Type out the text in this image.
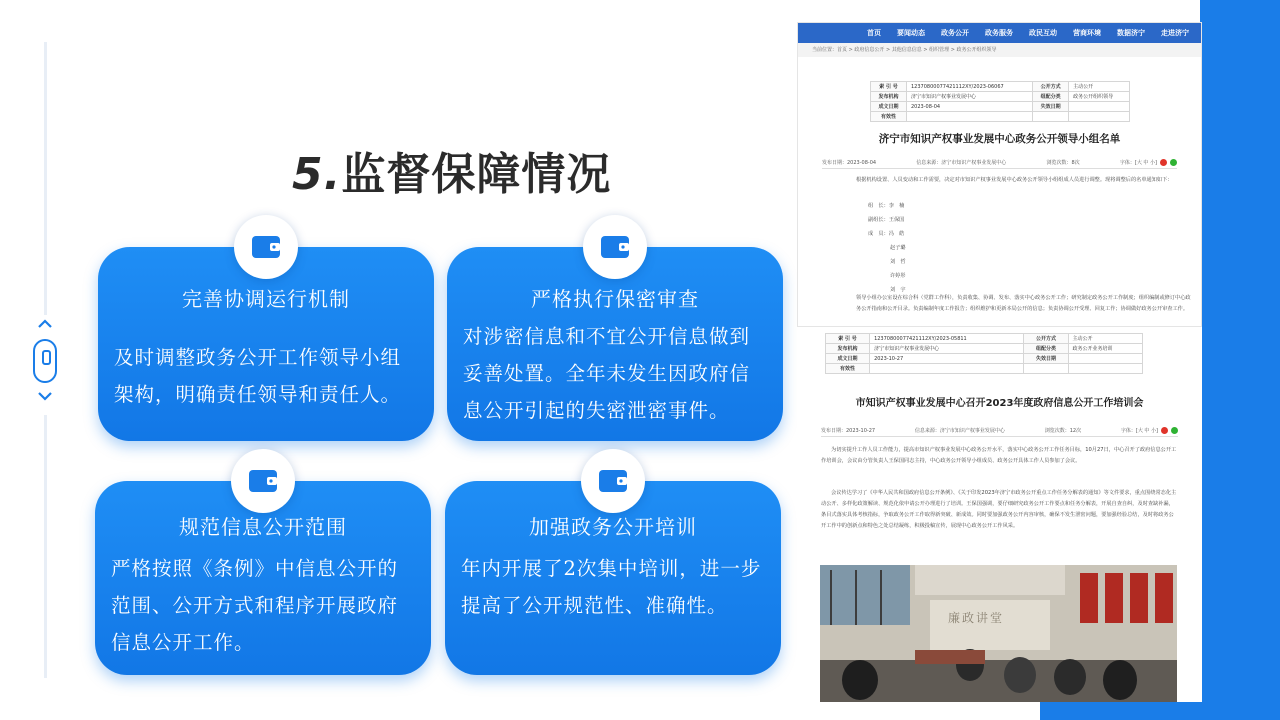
5.监督保障情况
完善协调运行机制
及时调整政务公开工作领导小组架构，明确责任领导和责任人。
严格执行保密审查
对涉密信息和不宜公开信息做到妥善处置。全年未发生因政府信息公开引起的失密泄密事件。
规范信息公开范围
严格按照《条例》中信息公开的范围、公开方式和程序开展政府信息公开工作。
加强政务公开培训
年内开展了2次集中培训，进一步提高了公开规范性、准确性。
首页 要闻动态 政务公开 政务服务 政民互动 营商环境 数据济宁 走进济宁
当前位置：首页 > 政府信息公开 > 其他信息信息 > 组织管理 > 政务公开组织领导
索 引 号	12370800077421112XY/2023-06067	公开方式	主动公开
发布机构	济宁市知识产权事业发展中心	组配分类	政务公开组织领导
成文日期	2023-08-04	失效日期	
有效性			
济宁市知识产权事业发展中心政务公开领导小组名单
发布日期：2023-08-04	信息来源：济宁市知识产权事业发展中心	浏览次数：8次	字体：[大 中 小]
根据机构设置、人员变动和工作需要，决定对市知识产权事业发展中心政务公开领导小组组成人员进行调整。现将调整后的名单通知如下：
组　长：李　楠
副组长：王保国
成　员：冯　皓
赵子璐
刘　哲
许婷彤
刘　宇
领导小组办公室设在综合科（党群工作科），负责收集、协调、发布、落实中心政务公开工作；研究制定政务公开工作制度；组织编制或修订中心政务公开指南和公开目录。负责编制年度工作报告；组织维护和更新本局公开的信息；负责协调公开受理、回复工作；协调做好政务公开审查工作。
索 引 号	12370800077421112XY/2023-05811	公开方式	主动公开
发布机构	济宁市知识产权事业发展中心	组配分类	政务公开业务培训
成文日期	2023-10-27	失效日期	
有效性			
市知识产权事业发展中心召开2023年度政府信息公开工作培训会
发布日期：2023-10-27	信息来源：济宁市知识产权事业发展中心	浏览次数：12次	字体：[大 中 小]
为切实提升工作人员工作能力，提高市知识产权事业发展中心政务公开水平，落实中心政务公开工作任务目标，10月27日，中心召开了政府信息公开工作培训会，会议由分管负责人王保国同志主持，中心政务公开领导小组成员、政务公开具体工作人员参加了会议。
会议传达学习了《中华人民共和国政府信息公开条例》、《关于印发2023年济宁市政务公开重点工作任务分解表的通知》等文件要求，重点围绕常态化主动公开、多样化政策解读、规范化依申请公开办理进行了培训。王保国强调，要仔细研究政务公开工作要点和任务分解表，开展自查自纠，及时查缺补漏，条目式落实具体考核指标，争取政务公开工作取得新突破、新成效。同时要加强政务公开内容审核，确保不发生泄密问题，要加强经验总结，及时将政务公开工作中的创新点和特色之处总结凝练，积极投稿宣传，展现中心政务公开工作风采。
廉政讲堂
